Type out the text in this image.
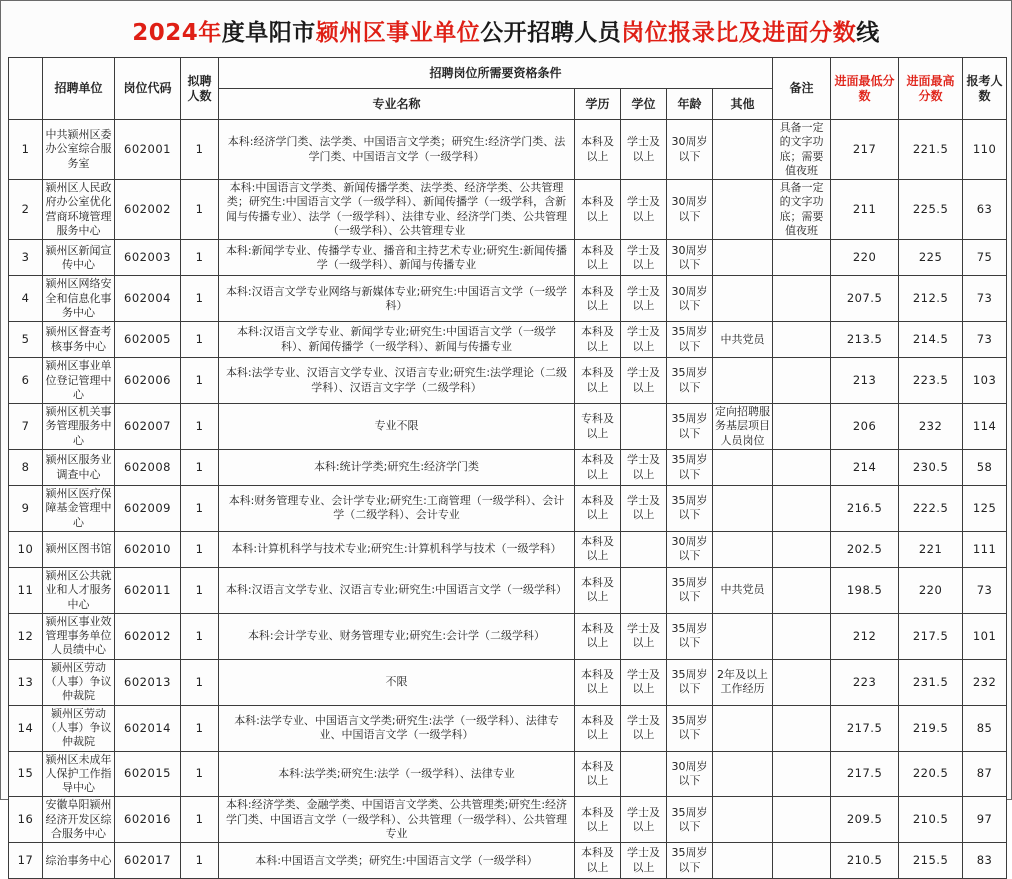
2024年度阜阳市颍州区事业单位公开招聘人员岗位报录比及进面分数线
	招聘单位	岗位代码	拟聘人数	招聘岗位所需要资格条件					备注	进面最低分数	进面最高分数	报考人数
				专业名称	学历	学位	年龄	其他				
1	中共颍州区委办公室综合服务室	602001	1	本科:经济学门类、法学类、中国语言文学类；研究生:经济学门类、法学门类、中国语言文学（一级学科）	本科及以上	学士及以上	30周岁以下		具备一定的文字功底；需要值夜班	217	221.5	110
2	颍州区人民政府办公室优化营商环境管理服务中心	602002	1	本科:中国语言文学类、新闻传播学类、法学类、经济学类、公共管理类；研究生:中国语言文学（一级学科）、新闻传播学（一级学科，含新闻与传播专业）、法学（一级学科）、法律专业、经济学门类、公共管理（一级学科）、公共管理专业	本科及以上	学士及以上	30周岁以下		具备一定的文字功底；需要值夜班	211	225.5	63
3	颍州区新闻宣传中心	602003	1	本科:新闻学专业、传播学专业、播音和主持艺术专业;研究生:新闻传播学（一级学科）、新闻与传播专业	本科及以上	学士及以上	30周岁以下			220	225	75
4	颍州区网络安全和信息化事务中心	602004	1	本科:汉语言文学专业网络与新媒体专业;研究生:中国语言文学（一级学科）	本科及以上	学士及以上	30周岁以下			207.5	212.5	73
5	颍州区督查考核事务中心	602005	1	本科:汉语言文学专业、新闻学专业;研究生:中国语言文学（一级学科）、新闻传播学（一级学科）、新闻与传播专业	本科及以上	学士及以上	35周岁以下	中共党员		213.5	214.5	73
6	颍州区事业单位登记管理中心	602006	1	本科:法学专业、汉语言文学专业、汉语言专业;研究生:法学理论（二级学科）、汉语言文字学（二级学科）	本科及以上	学士及以上	35周岁以下			213	223.5	103
7	颍州区机关事务管理服务中心	602007	1	专业不限	专科及以上		35周岁以下	定向招聘服务基层项目人员岗位		206	232	114
8	颍州区服务业调查中心	602008	1	本科:统计学类;研究生:经济学门类	本科及以上	学士及以上	35周岁以下			214	230.5	58
9	颍州区医疗保障基金管理中心	602009	1	本科:财务管理专业、会计学专业;研究生:工商管理（一级学科）、会计学（二级学科）、会计专业	本科及以上	学士及以上	35周岁以下			216.5	222.5	125
10	颍州区图书馆	602010	1	本科:计算机科学与技术专业;研究生:计算机科学与技术（一级学科）	本科及以上		30周岁以下			202.5	221	111
11	颍州区公共就业和人才服务中心	602011	1	本科:汉语言文学专业、汉语言专业;研究生:中国语言文学（一级学科）	本科及以上		35周岁以下	中共党员		198.5	220	73
12	颍州区事业效管理事务单位人员绩中心	602012	1	本科:会计学专业、财务管理专业;研究生:会计学（二级学科）	本科及以上	学士及以上	35周岁以下			212	217.5	101
13	颍州区劳动（人事）争议仲裁院	602013	1	不限	本科及以上	学士及以上	35周岁以下	2年及以上工作经历		223	231.5	232
14	颍州区劳动（人事）争议仲裁院	602014	1	本科:法学专业、中国语言文学类;研究生:法学（一级学科）、法律专业、中国语言文学（一级学科）	本科及以上	学士及以上	35周岁以下			217.5	219.5	85
15	颍州区未成年人保护工作指导中心	602015	1	本科:法学类;研究生:法学（一级学科）、法律专业	本科及以上		30周岁以下			217.5	220.5	87
16	安徽阜阳颍州经济开发区综合服务中心	602016	1	本科:经济学类、金融学类、中国语言文学类、公共管理类;研究生:经济学门类、中国语言文学（一级学科）、公共管理（一级学科）、公共管理专业	本科及以上	学士及以上	35周岁以下			209.5	210.5	97
17	综治事务中心	602017	1	本科:中国语言文学类；研究生:中国语言文学（一级学科）	本科及以上	学士及以上	35周岁以下			210.5	215.5	83
